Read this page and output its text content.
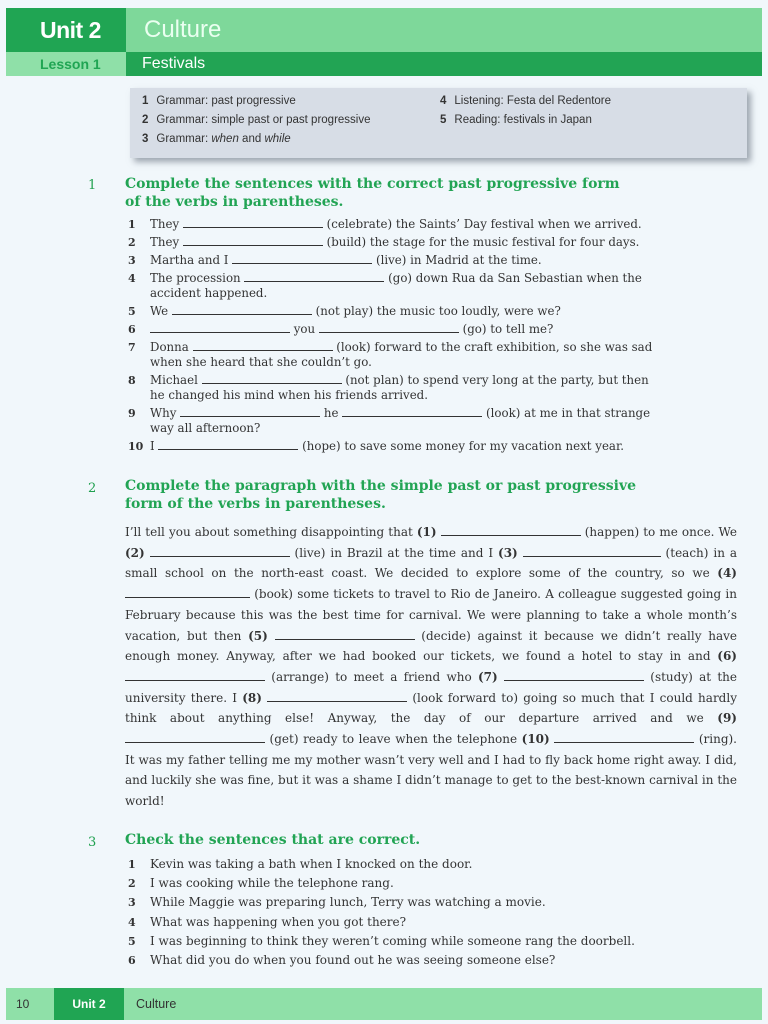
Unit 2	Culture
Lesson 1	Festivals
1 Grammar: past progressive
2 Grammar: simple past or past progressive
3 Grammar: when and while
4 Listening: Festa del Redentore
5 Reading: festivals in Japan
1 Complete the sentences with the correct past progressive form
of the verbs in parentheses.
1	They	(celebrate) the Saints’ Day festival when we arrived.
2	They	(build) the stage for the music festival for four days.
3	Martha and I	(live) in Madrid at the time.
4	The procession	(go) down Rua da San Sebastian when the
accident happened.
5	We	(not play) the music too loudly, were we?
6	you	(go) to tell me?
7	Donna	(look) forward to the craft exhibition, so she was sad
when she heard that she couldn’t go.
8	Michael	(not plan) to spend very long at the party, but then
he changed his mind when his friends arrived.
9	Why	he	(look) at me in that strange
way all afternoon?
10 I	(hope) to save some money for my vacation next year.
2 Complete the paragraph with the simple past or past progressive
form of the verbs in parentheses.
I’ll tell you about something disappointing that (1)	(happen) to me once. We (2)	(live) in Brazil at the time and I (3)	(teach) in a small school on the north-east coast. We decided to explore some of the country, so we (4)  (book) some tickets to travel to Rio de Janeiro. A colleague suggested going in February because this was the best time for carnival. We were planning to take a whole month’s vacation, but then (5)	(decide) against it because we didn’t really have enough money. Anyway, after we had booked our tickets, we found a hotel to stay in and (6)  (arrange) to meet a friend who (7)	(study) at the university there. I (8)	(look forward to) going so much that I could hardly think about anything else! Anyway, the day of our departure arrived and we (9)  (get) ready to leave when the telephone (10)	(ring). It was my father telling me my mother wasn’t very well and I had to fly back home right away. I did, and luckily she was fine, but it was a shame I didn’t manage to get to the best-known carnival in the world!
3 Check the sentences that are correct.
1	Kevin was taking a bath when I knocked on the door.
2	I was cooking while the telephone rang.
3	While Maggie was preparing lunch, Terry was watching a movie.
4	What was happening when you got there?
5	I was beginning to think they weren’t coming while someone rang the doorbell.
6	What did you do when you found out he was seeing someone else?
10	Unit 2	Culture
